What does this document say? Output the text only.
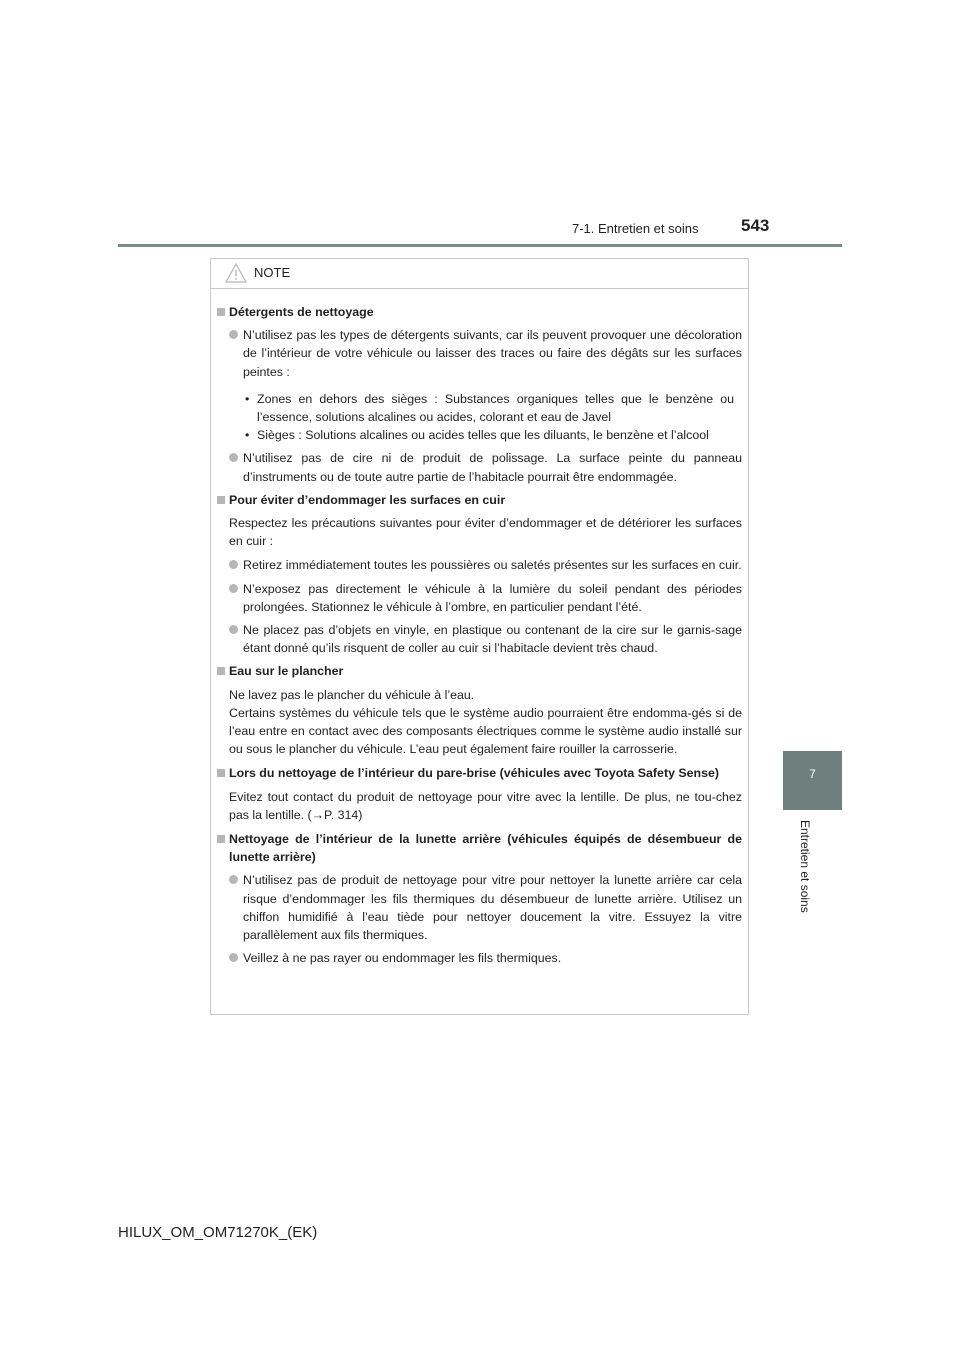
7-1. Entretien et soins	543
7
Entretien et soins
NOTE
Détergents de nettoyage
N’utilisez pas les types de détergents suivants, car ils peuvent provoquer une décoloration de l’intérieur de votre véhicule ou laisser des traces ou faire des dégâts sur les surfaces peintes :
• Zones en dehors des sièges : Substances organiques telles que le benzène ou l’essence, solutions alcalines ou acides, colorant et eau de Javel
• Sièges : Solutions alcalines ou acides telles que les diluants, le benzène et l’alcool
N’utilisez pas de cire ni de produit de polissage. La surface peinte du panneau d’instruments ou de toute autre partie de l’habitacle pourrait être endommagée.
Pour éviter d’endommager les surfaces en cuir
Respectez les précautions suivantes pour éviter d’endommager et de détériorer les surfaces en cuir :
Retirez immédiatement toutes les poussières ou saletés présentes sur les surfaces en cuir.
N’exposez pas directement le véhicule à la lumière du soleil pendant des périodes prolongées. Stationnez le véhicule à l’ombre, en particulier pendant l’été.
Ne placez pas d’objets en vinyle, en plastique ou contenant de la cire sur le garnis-sage étant donné qu’ils risquent de coller au cuir si l’habitacle devient très chaud.
Eau sur le plancher
Ne lavez pas le plancher du véhicule à l’eau.
Certains systèmes du véhicule tels que le système audio pourraient être endomma-gés si de l’eau entre en contact avec des composants électriques comme le système audio installé sur ou sous le plancher du véhicule. L’eau peut également faire rouiller la carrosserie.
Lors du nettoyage de l’intérieur du pare-brise (véhicules avec Toyota Safety Sense)
Evitez tout contact du produit de nettoyage pour vitre avec la lentille. De plus, ne tou-chez pas la lentille. (→P. 314)
Nettoyage de l’intérieur de la lunette arrière (véhicules équipés de désembueur de lunette arrière)
N’utilisez pas de produit de nettoyage pour vitre pour nettoyer la lunette arrière car cela risque d’endommager les fils thermiques du désembueur de lunette arrière. Utilisez un chiffon humidifié à l’eau tiède pour nettoyer doucement la vitre. Essuyez la vitre parallèlement aux fils thermiques.
Veillez à ne pas rayer ou endommager les fils thermiques.
HILUX_OM_OM71270K_(EK)
